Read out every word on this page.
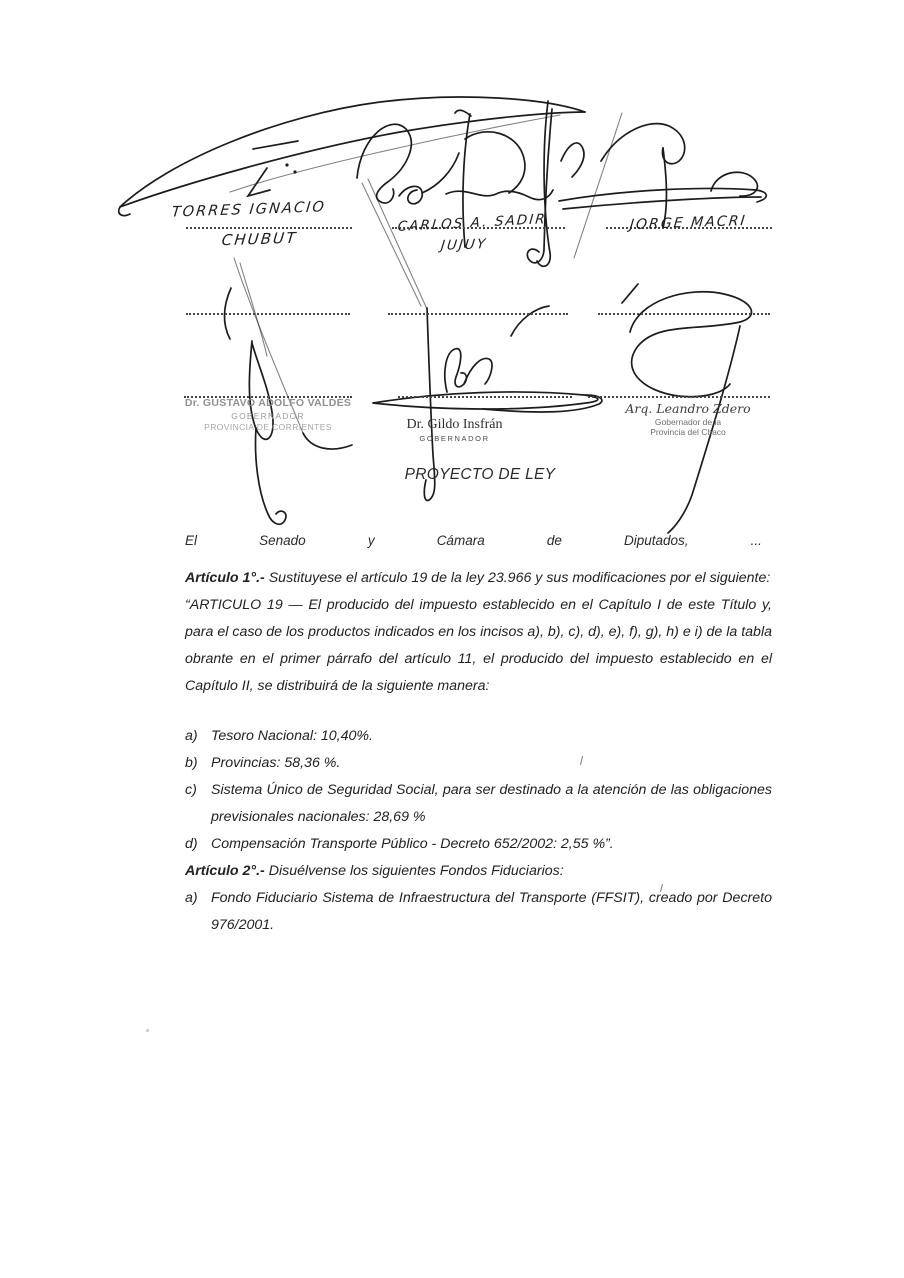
TORRES IGNACIO
CHUBUT
CARLOS A. SADIR
JUJUY
JORGE MACRI
Dr. GUSTAVO ADOLFO VALDÉS
GOBERNADOR
PROVINCIA DE CORRIENTES	Dr. Gildo Insfrán
GOBERNADOR
Arq. Leandro Zdero
Gobernador de la
Provincia del Chaco
PROYECTO DE LEY
El	Senado	y	Cámara	de	Diputados,	...

Artículo 1°.- Sustituyese el artículo 19 de la ley 23.966 y sus modificaciones por el siguiente:

“ARTICULO 19 — El producido del impuesto establecido en el Capítulo I de este Título y, para el caso de los productos indicados en los incisos a), b), c), d), e), f), g), h) e i) de la tabla obrante en el primer párrafo del artículo 11, el producido del impuesto establecido en el Capítulo II, se distribuirá de la siguiente manera:

a) Tesoro Nacional: 10,40%.
b) Provincias: 58,36 %.
c) Sistema Único de Seguridad Social, para ser destinado a la atención de las obligaciones previsionales nacionales: 28,69 %
d) Compensación Transporte Público - Decreto 652/2002: 2,55 %”.

Artículo 2°.- Disuélvense los siguientes Fondos Fiduciarios:

a) Fondo Fiduciario Sistema de Infraestructura del Transporte (FFSIT), creado por Decreto 976/2001.
